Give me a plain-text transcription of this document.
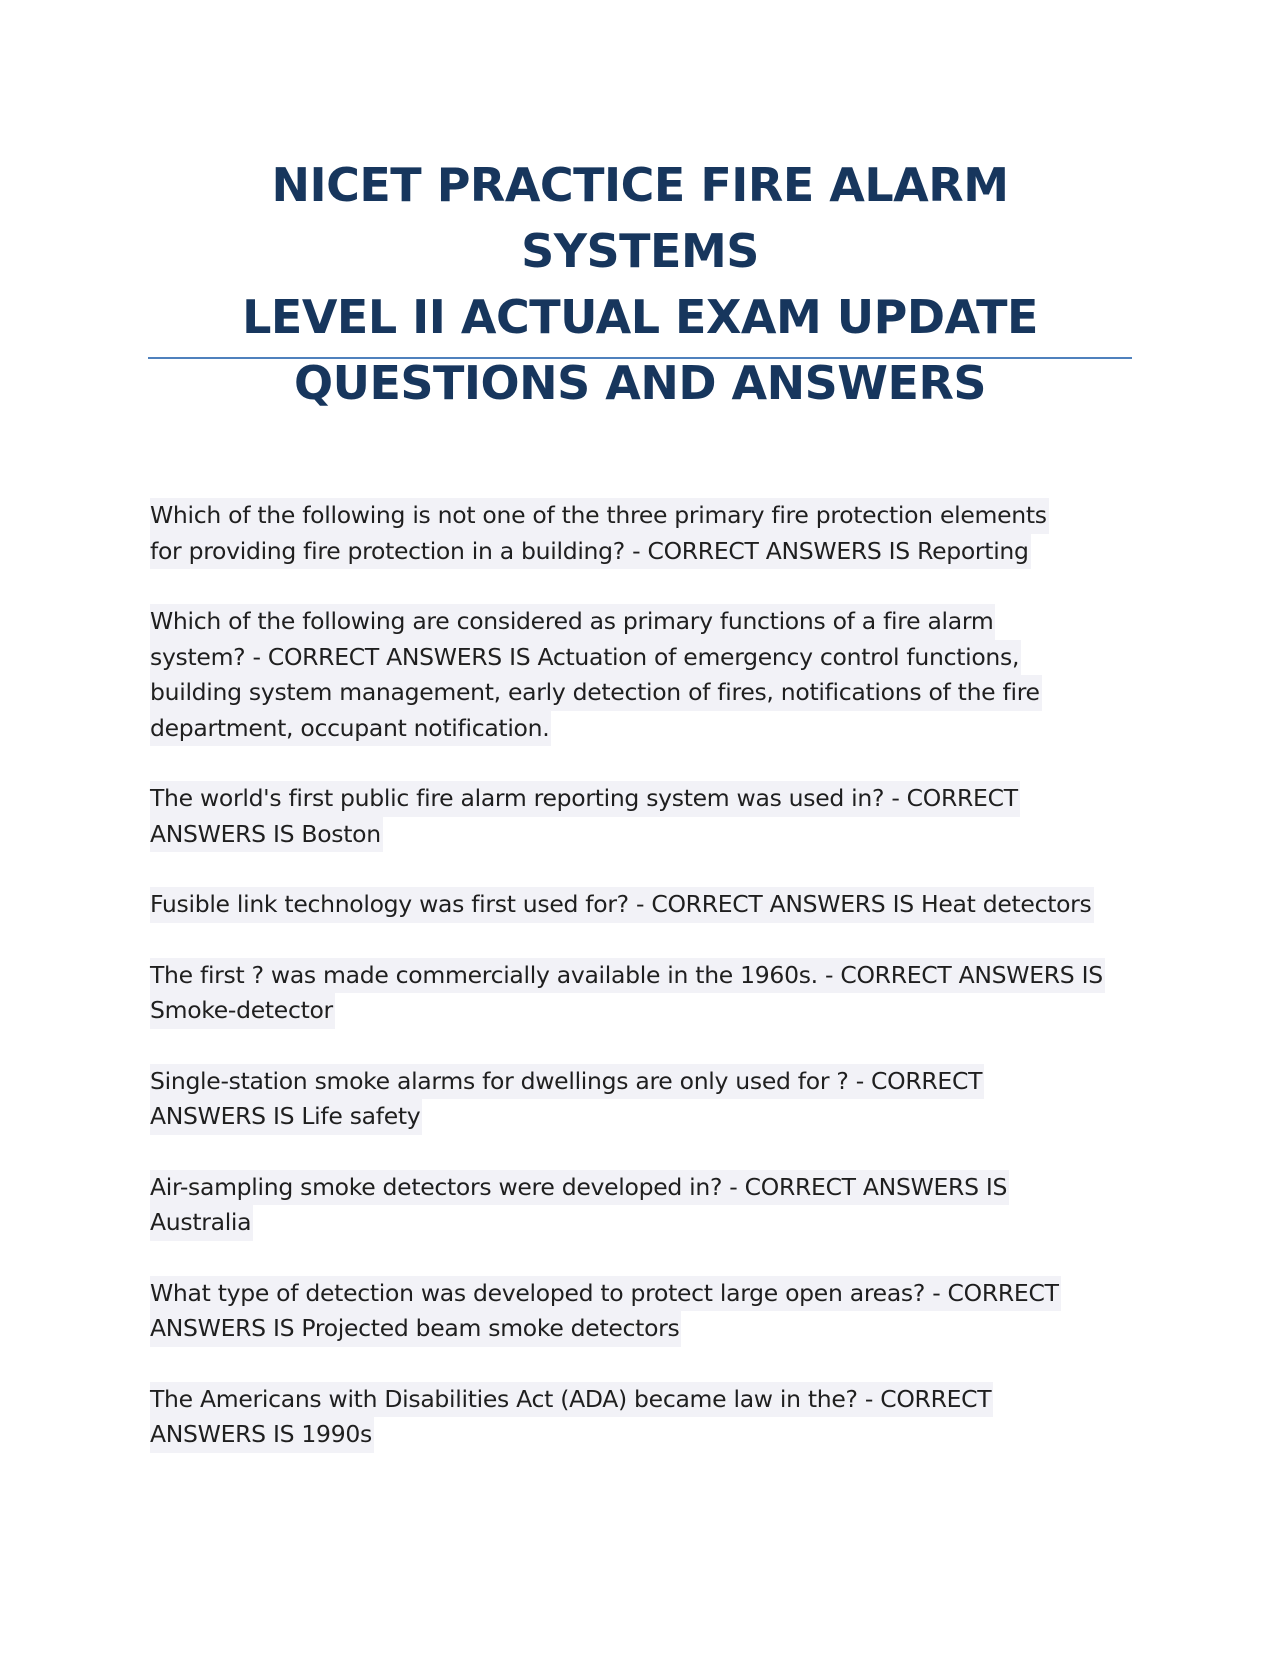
NICET PRACTICE FIRE ALARM SYSTEMS
LEVEL II ACTUAL EXAM UPDATE
QUESTIONS AND ANSWERS
Which of the following is not one of the three primary fire protection elements
for providing fire protection in a building? - CORRECT ANSWERS IS Reporting
Which of the following are considered as primary functions of a fire alarm
system? - CORRECT ANSWERS IS Actuation of emergency control functions,
building system management, early detection of fires, notifications of the fire
department, occupant notification.
The world's first public fire alarm reporting system was used in? - CORRECT
ANSWERS IS Boston
Fusible link technology was first used for? - CORRECT ANSWERS IS Heat detectors
The first ? was made commercially available in the 1960s. - CORRECT ANSWERS IS
Smoke-detector
Single-station smoke alarms for dwellings are only used for ? - CORRECT
ANSWERS IS Life safety
Air-sampling smoke detectors were developed in? - CORRECT ANSWERS IS
Australia
What type of detection was developed to protect large open areas? - CORRECT
ANSWERS IS Projected beam smoke detectors
The Americans with Disabilities Act (ADA) became law in the? - CORRECT
ANSWERS IS 1990s
